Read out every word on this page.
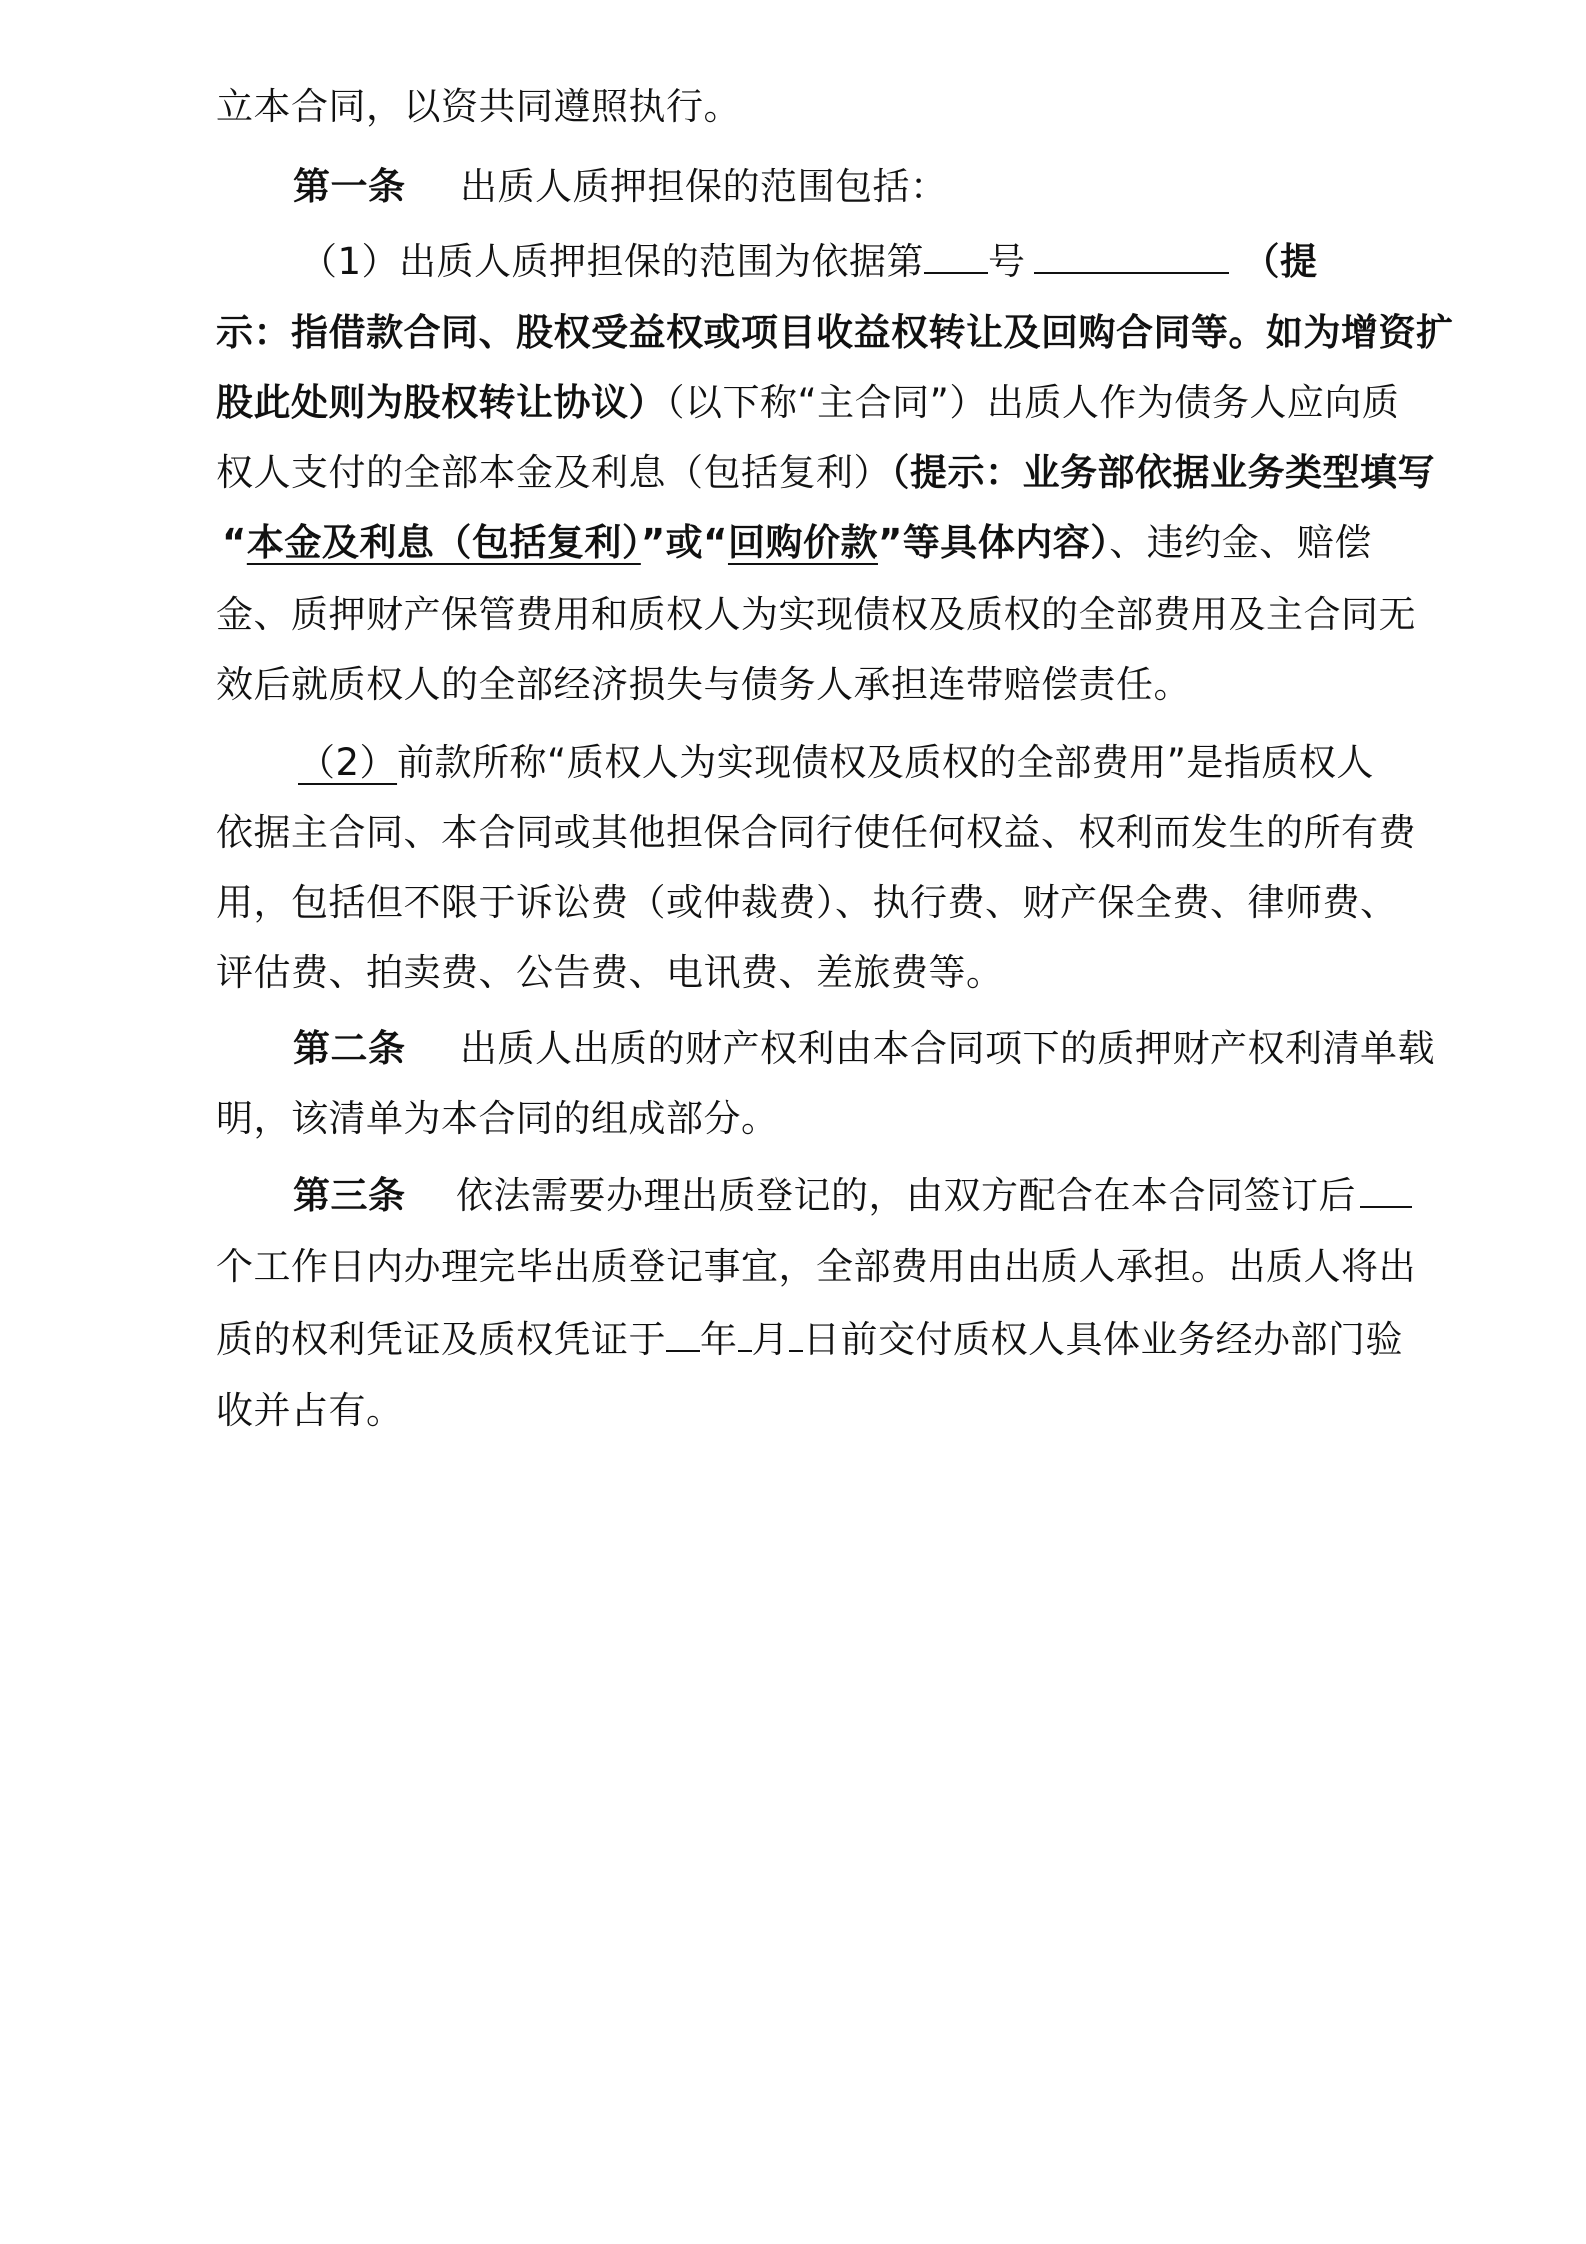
立本合同，以资共同遵照执行。
第一条 出质人质押担保的范围包括：
（1）出质人质押担保的范围为依据第 号	（提
示：指借款合同、股权受益权或项目收益权转让及回购合同等。如为增资扩
股此处则为股权转让协议）（以下称“主合同”）出质人作为债务人应向质
权人支付的全部本金及利息（包括复利）（提示：业务部依据业务类型填写
“本金及利息（包括复利）”或“回购价款”等具体内容）、违约金、赔偿
金、质押财产保管费用和质权人为实现债权及质权的全部费用及主合同无
效后就质权人的全部经济损失与债务人承担连带赔偿责任。
（2）前款所称“质权人为实现债权及质权的全部费用”是指质权人
依据主合同、本合同或其他担保合同行使任何权益、权利而发生的所有费
用，包括但不限于诉讼费（或仲裁费）、执行费、财产保全费、律师费、
评估费、拍卖费、公告费、电讯费、差旅费等。
第二条 出质人出质的财产权利由本合同项下的质押财产权利清单载
明，该清单为本合同的组成部分。
第三条 依法需要办理出质登记的，由双方配合在本合同签订后
个工作日内办理完毕出质登记事宜，全部费用由出质人承担。出质人将出
质的权利凭证及质权凭证于 年 月 日前交付质权人具体业务经办部门验
收并占有。
